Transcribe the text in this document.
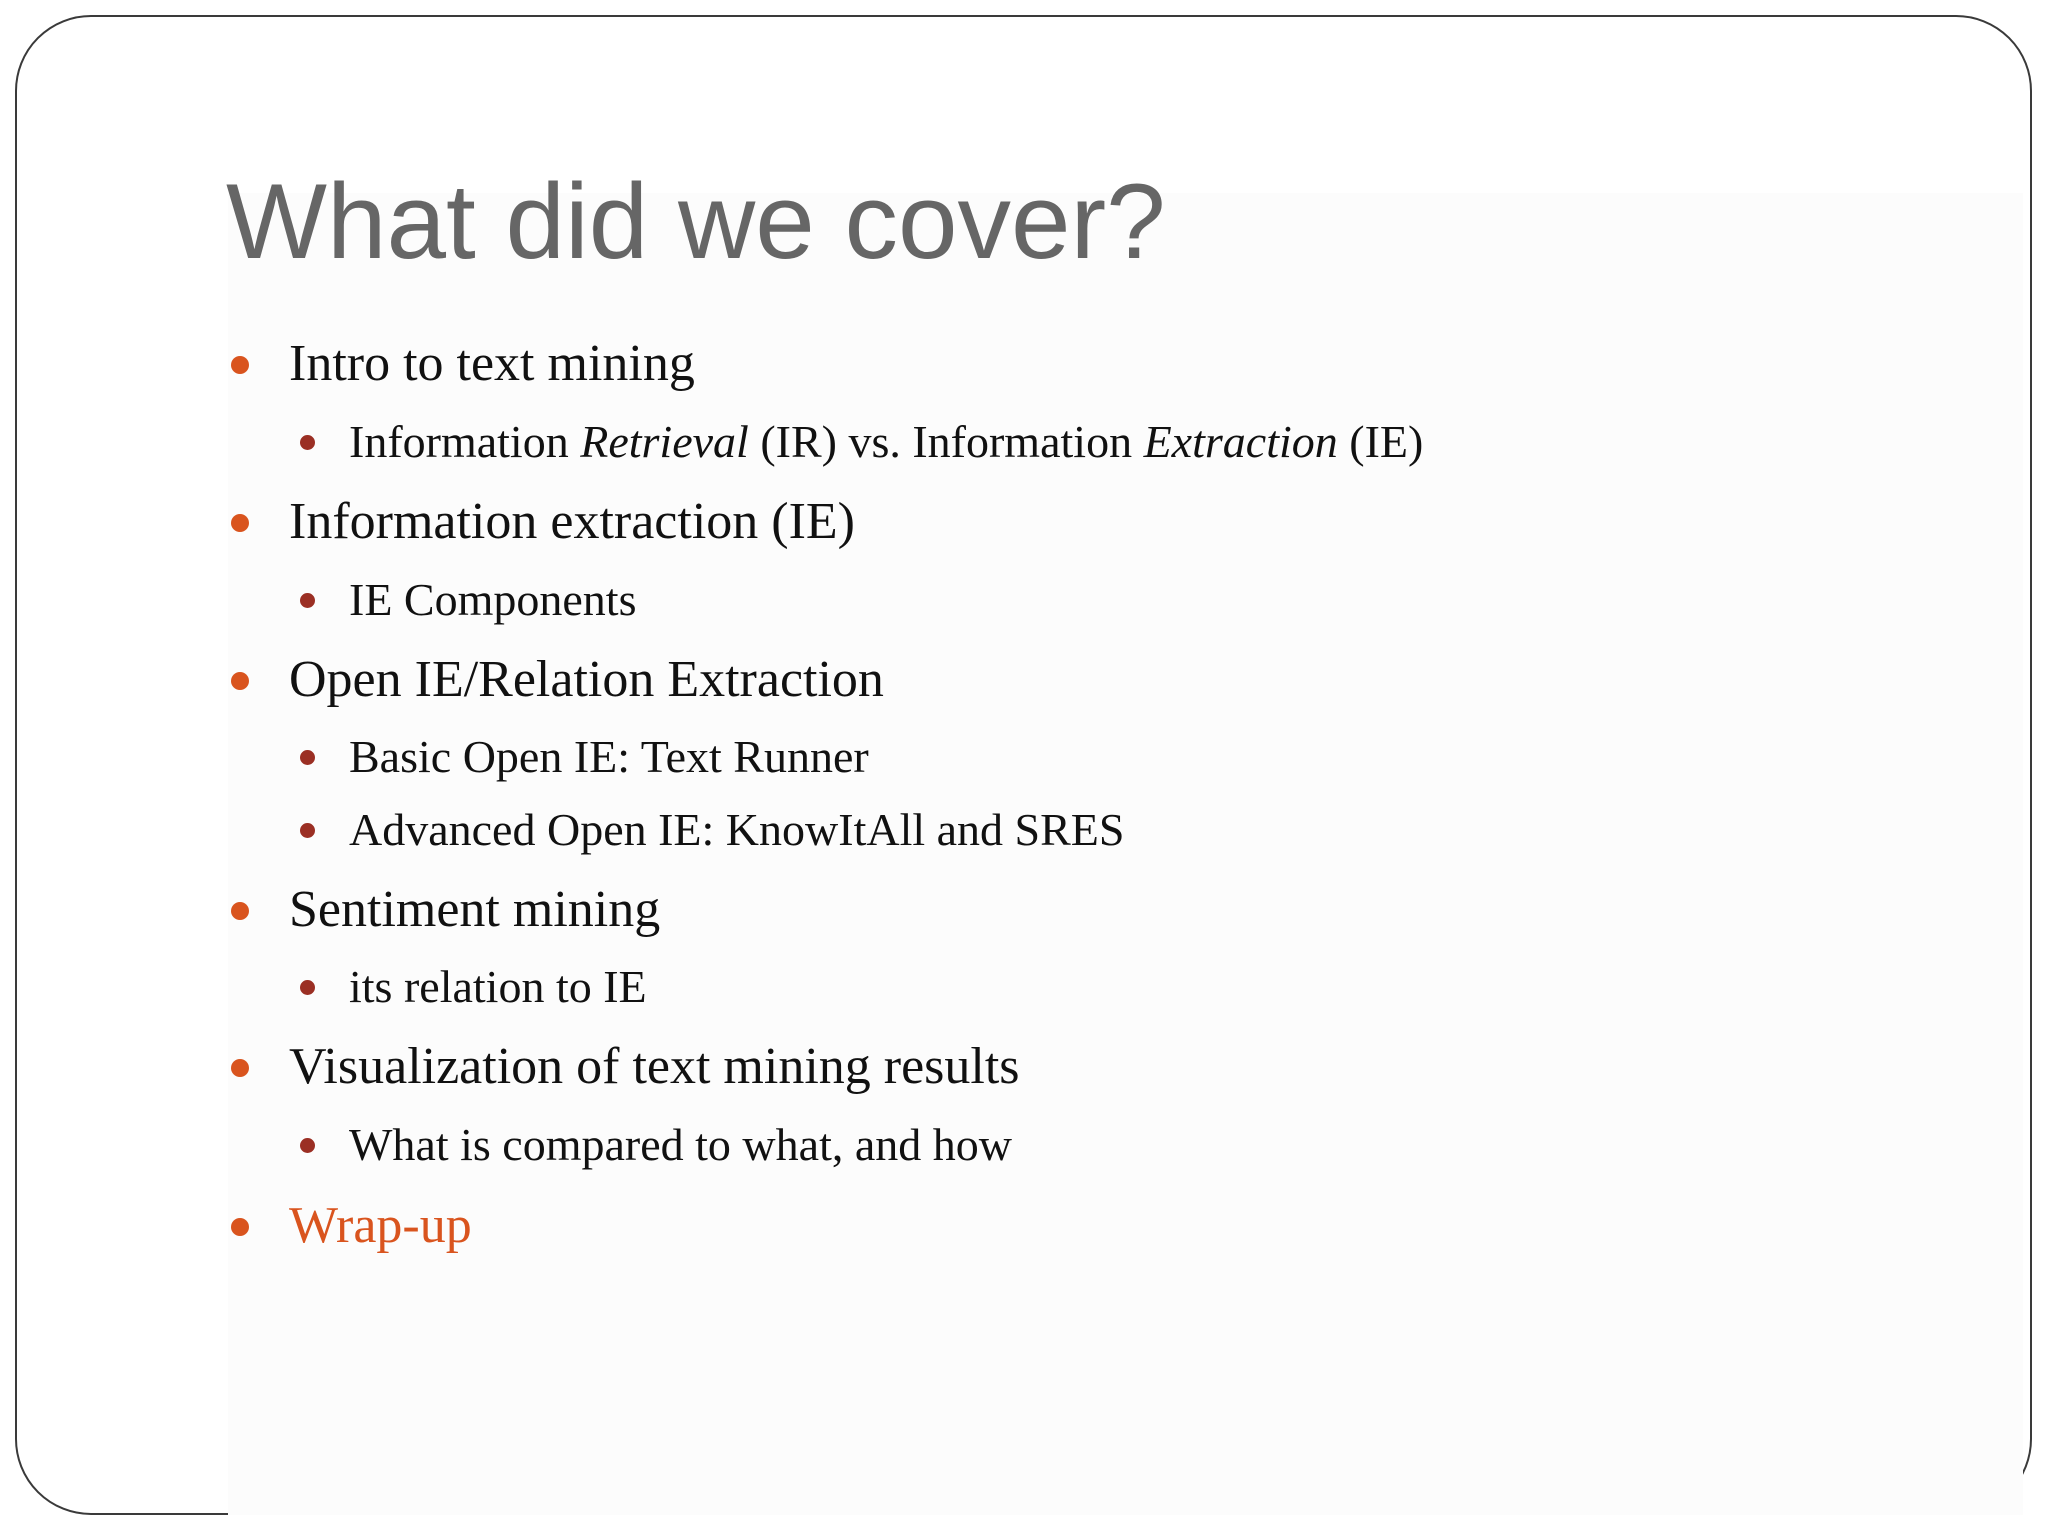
What did we cover?
Intro to text mining
Information Retrieval (IR) vs. Information Extraction (IE)
Information extraction (IE)
IE Components
Open IE/Relation Extraction
Basic Open IE: Text Runner
Advanced Open IE: KnowItAll and SRES
Sentiment mining
its relation to IE
Visualization of text mining results
What is compared to what, and how
Wrap-up
